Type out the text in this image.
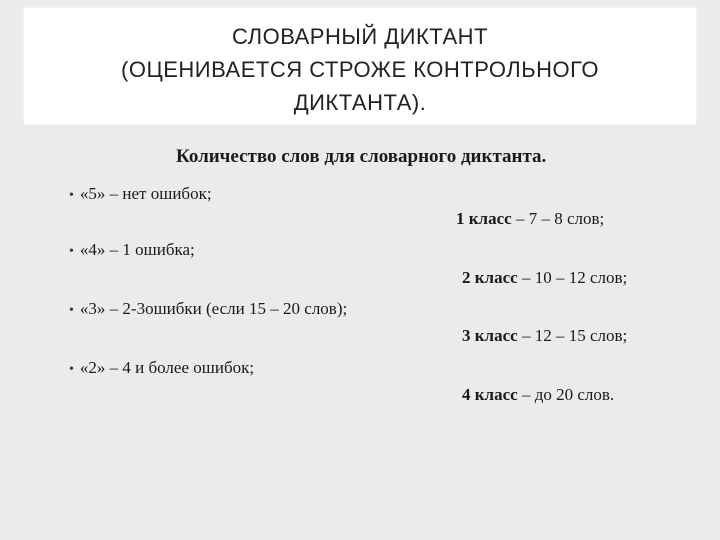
СЛОВАРНЫЙ ДИКТАНТ
(ОЦЕНИВАЕТСЯ СТРОЖЕ КОНТРОЛЬНОГО
ДИКТАНТА).
Количество слов для словарного диктанта.
• «5» – нет ошибок;
• «4» – 1 ошибка;
• «3» – 2-3ошибки (если 15 – 20 слов);
• «2» – 4 и более ошибок;
1 класс – 7 – 8 слов;
2 класс – 10 – 12 слов;
3 класс – 12 – 15 слов;
4 класс – до 20 слов.
